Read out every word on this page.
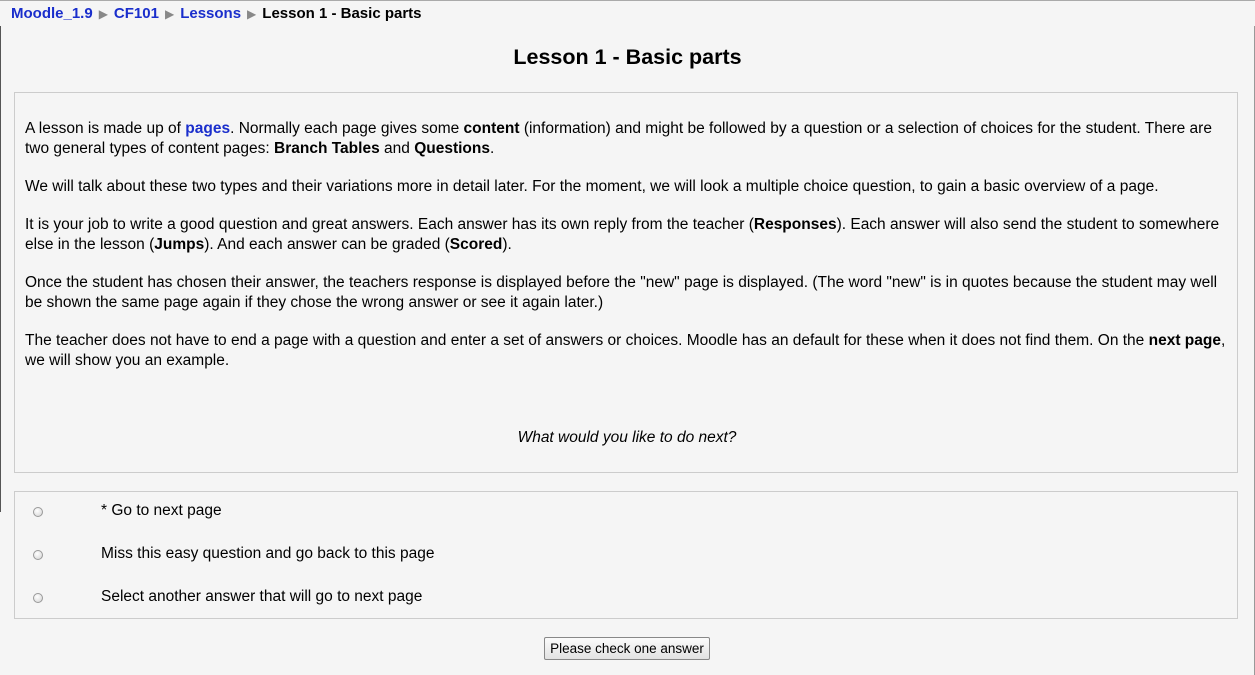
Moodle_1.9 ▶ CF101 ▶ Lessons ▶ Lesson 1 - Basic parts
Lesson 1 - Basic parts

A lesson is made up of pages. Normally each page gives some content (information) and might be followed by a question or a selection of choices for the student. There are two general types of content pages: Branch Tables and Questions.

We will talk about these two types and their variations more in detail later. For the moment, we will look a multiple choice question, to gain a basic overview of a page.

It is your job to write a good question and great answers. Each answer has its own reply from the teacher (Responses). Each answer will also send the student to somewhere else in the lesson (Jumps). And each answer can be graded (Scored).

Once the student has chosen their answer, the teachers response is displayed before the "new" page is displayed. (The word "new" is in quotes because the student may well be shown the same page again if they chose the wrong answer or see it again later.)

The teacher does not have to end a page with a question and enter a set of answers or choices. Moodle has an default for these when it does not find them. On the next page, we will show you an example.

What would you like to do next?
* Go to next page
Miss this easy question and go back to this page
Select another answer that will go to next page
Please check one answer
